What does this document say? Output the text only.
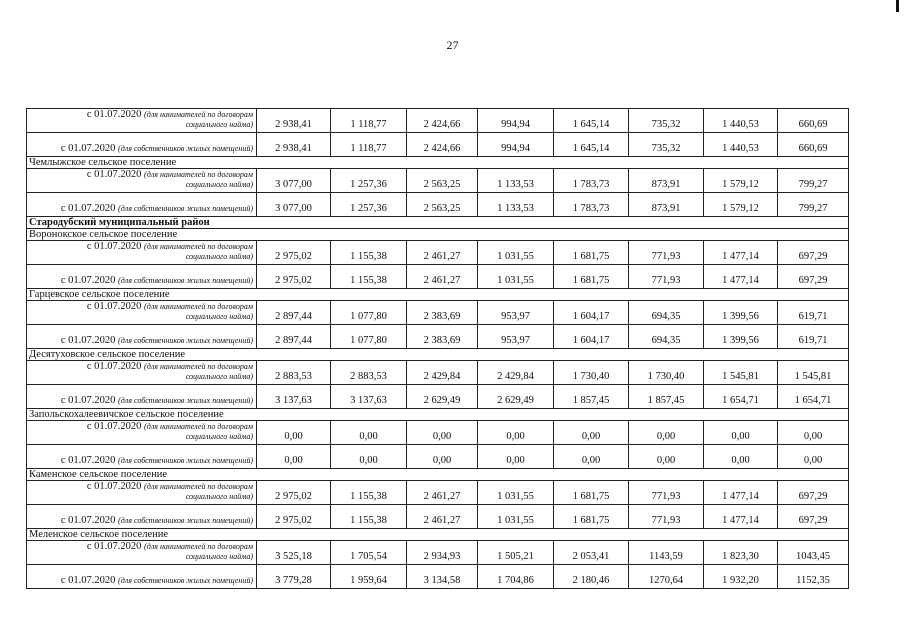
27
с 01.07.2020 (для нанимателей по договорам
социального найма)	2 938,41	1 118,77	2 424,66	994,94	1 645,14	735,32	1 440,53	660,69
с 01.07.2020 (для собственников жилых помещений)	2 938,41	1 118,77	2 424,66	994,94	1 645,14	735,32	1 440,53	660,69
Чемлыжское сельское поселение								

с 01.07.2020 (для нанимателей по договорам
социального найма)	3 077,00	1 257,36	2 563,25	1 133,53	1 783,73	873,91	1 579,12	799,27
с 01.07.2020 (для собственников жилых помещений)	3 077,00	1 257,36	2 563,25	1 133,53	1 783,73	873,91	1 579,12	799,27
Стародубский муниципальный район								
Воронокское сельское поселение								

с 01.07.2020 (для нанимателей по договорам
социального найма)	2 975,02	1 155,38	2 461,27	1 031,55	1 681,75	771,93	1 477,14	697,29
с 01.07.2020 (для собственников жилых помещений)	2 975,02	1 155,38	2 461,27	1 031,55	1 681,75	771,93	1 477,14	697,29
Гарцевское сельское поселение								

с 01.07.2020 (для нанимателей по договорам
социального найма)	2 897,44	1 077,80	2 383,69	953,97	1 604,17	694,35	1 399,56	619,71
с 01.07.2020 (для собственников жилых помещений)	2 897,44	1 077,80	2 383,69	953,97	1 604,17	694,35	1 399,56	619,71
Десятуховское сельское поселение								

с 01.07.2020 (для нанимателей по договорам
социального найма)	2 883,53	2 883,53	2 429,84	2 429,84	1 730,40	1 730,40	1 545,81	1 545,81
с 01.07.2020 (для собственников жилых помещений)	3 137,63	3 137,63	2 629,49	2 629,49	1 857,45	1 857,45	1 654,71	1 654,71
Запольскохалеевичское сельское поселение								

с 01.07.2020 (для нанимателей по договорам
социального найма)	0,00	0,00	0,00	0,00	0,00	0,00	0,00	0,00
с 01.07.2020 (для собственников жилых помещений)	0,00	0,00	0,00	0,00	0,00	0,00	0,00	0,00
Каменское сельское поселение								

с 01.07.2020 (для нанимателей по договорам
социального найма)	2 975,02	1 155,38	2 461,27	1 031,55	1 681,75	771,93	1 477,14	697,29
с 01.07.2020 (для собственников жилых помещений)	2 975,02	1 155,38	2 461,27	1 031,55	1 681,75	771,93	1 477,14	697,29
Меленское сельское поселение								

с 01.07.2020 (для нанимателей по договорам
социального найма)	3 525,18	1 705,54	2 934,93	1 505,21	2 053,41	1143,59	1 823,30	1043,45
с 01.07.2020 (для собственников жилых помещений)	3 779,28	1 959,64	3 134,58	1 704,86	2 180,46	1270,64	1 932,20	1152,35
